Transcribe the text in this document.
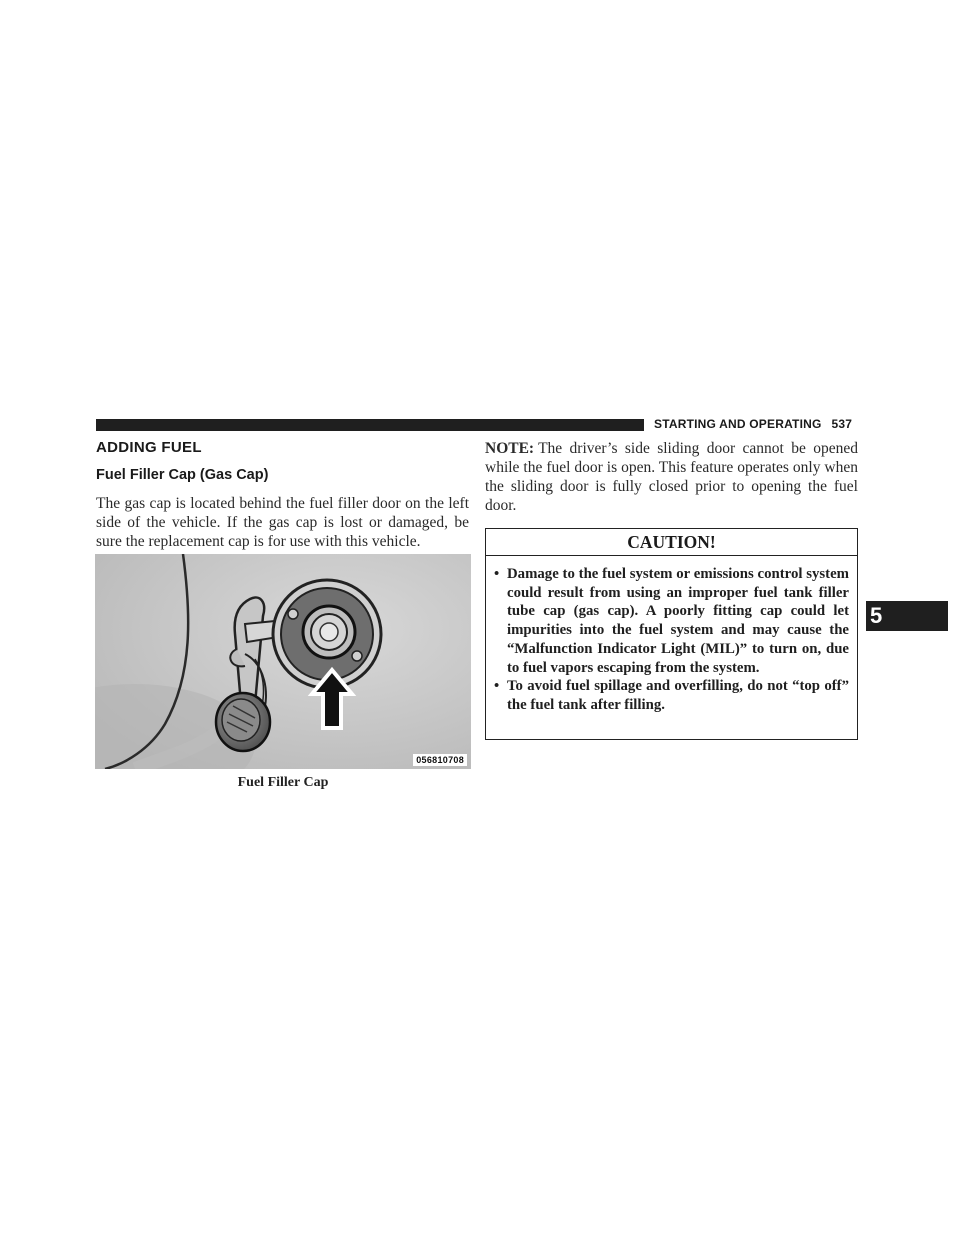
STARTING AND OPERATING 537
ADDING FUEL
Fuel Filler Cap (Gas Cap)
The gas cap is located behind the fuel filler door on the left side of the vehicle. If the gas cap is lost or damaged, be sure the replacement cap is for use with this vehicle.
056810708
Fuel Filler Cap
NOTE: The driver’s side sliding door cannot be opened while the fuel door is open. This feature operates only when the sliding door is fully closed prior to opening the fuel door.
CAUTION!
• Damage to the fuel system or emissions control system could result from using an improper fuel tank filler tube cap (gas cap). A poorly fitting cap could let impurities into the fuel system and may cause the “Malfunction Indicator Light (MIL)” to turn on, due to fuel vapors escaping from the system.
• To avoid fuel spillage and overfilling, do not “top off” the fuel tank after filling.
5
